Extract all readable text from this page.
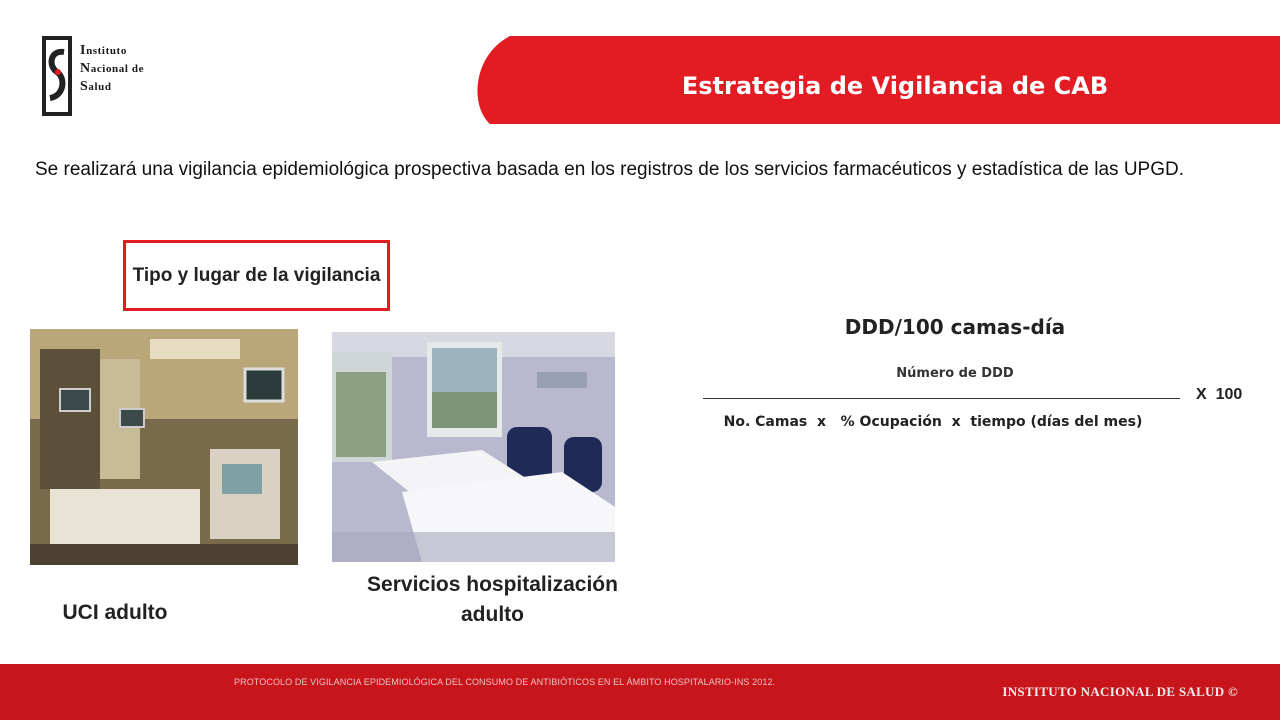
Instituto
Nacional de
Salud	Estrategia de Vigilancia de CAB

Se realizará una vigilancia epidemiológica prospectiva basada en los registros de los servicios farmacéuticos y estadística de las UPGD.

Tipo y lugar de la vigilancia
UCI adulto
Servicios hospitalización adulto
DDD/100 camas-día
Número de DDD
No. Camas  x   % Ocupación  x  tiempo (días del mes)
X  100
PROTOCOLO DE VIGILANCIA EPIDEMIOLÓGICA DEL CONSUMO DE ANTIBIÓTICOS EN EL ÁMBITO HOSPITALARIO-INS 2012.
INSTITUTO NACIONAL DE SALUD ©
